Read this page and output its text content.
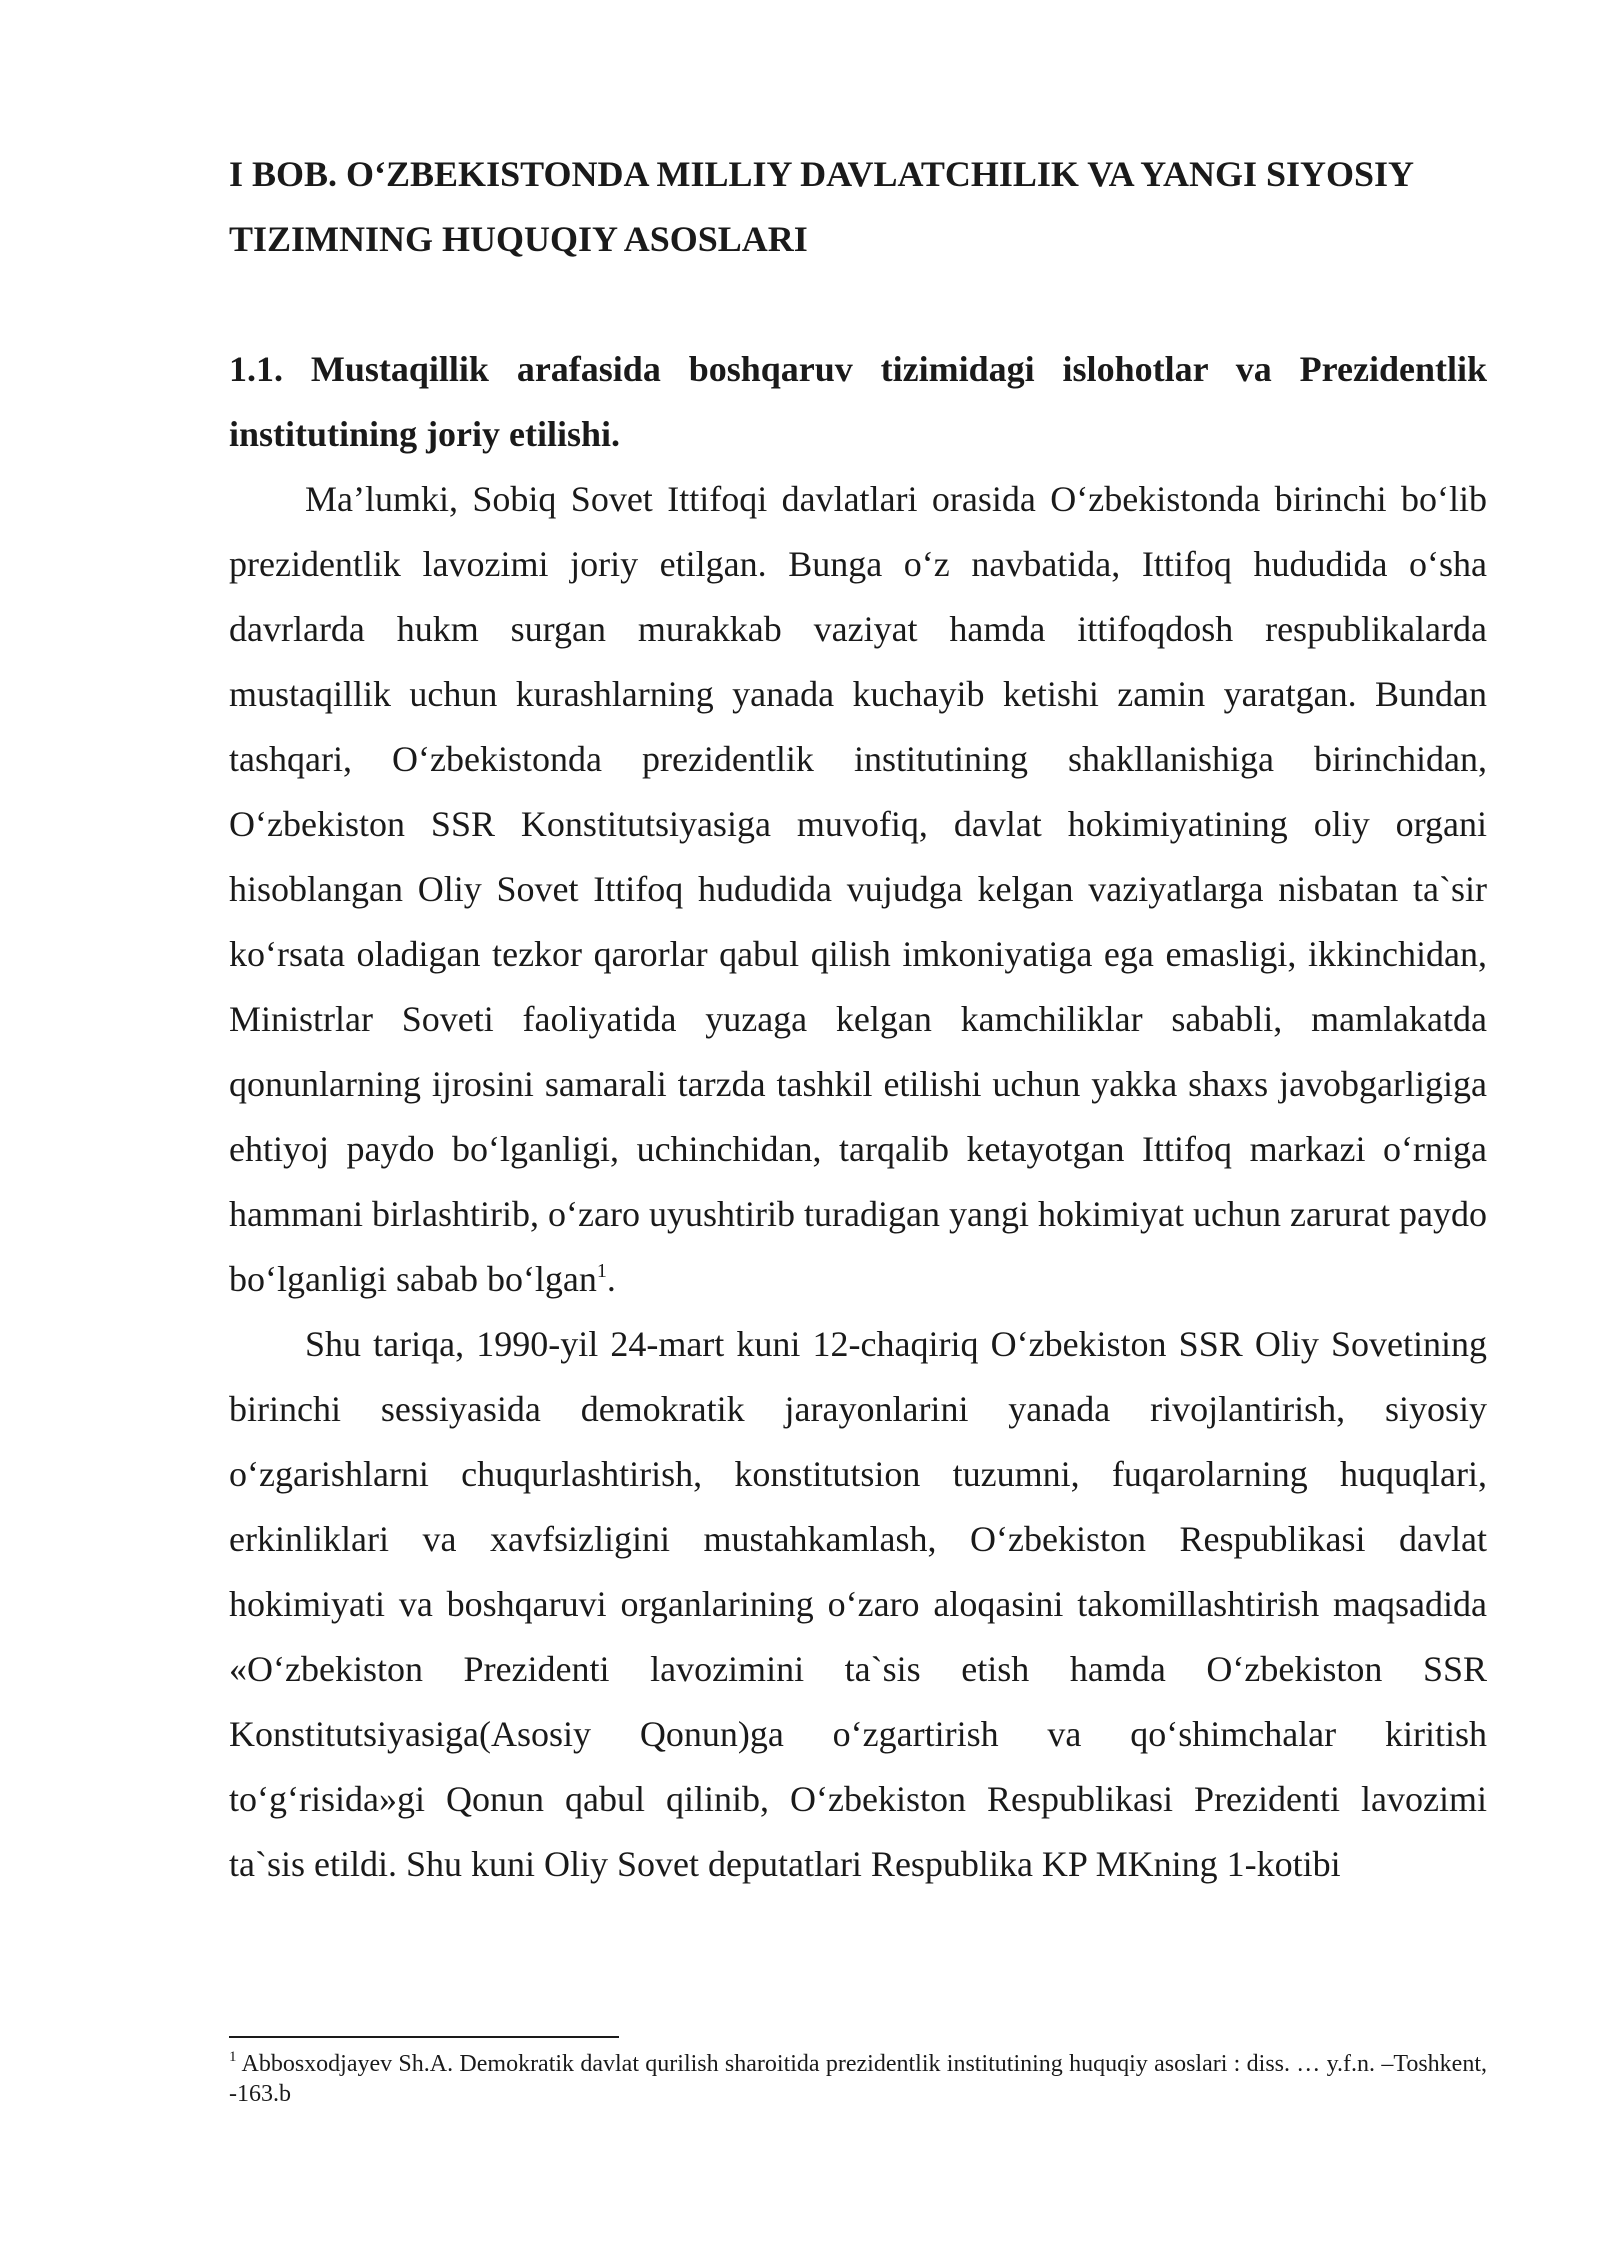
I BOB. O‘ZBEKISTONDA MILLIY DAVLATCHILIK VA YANGI SIYOSIY TIZIMNING HUQUQIY ASOSLARI
1.1. Mustaqillik arafasida boshqaruv tizimidagi islohotlar va Prezidentlik institutining joriy etilishi.

Ma’lumki, Sobiq Sovet Ittifoqi davlatlari orasida O‘zbekistonda birinchi bo‘lib prezidentlik lavozimi joriy etilgan. Bunga o‘z navbatida, Ittifoq hududida o‘sha davrlarda hukm surgan murakkab vaziyat hamda ittifoqdosh respublikalarda mustaqillik uchun kurashlarning yanada kuchayib ketishi zamin yaratgan. Bundan tashqari, O‘zbekistonda prezidentlik institutining shakllanishiga birinchidan, O‘zbekiston SSR Konstitutsiyasiga muvofiq, davlat hokimiyatining oliy organi hisoblangan Oliy Sovet Ittifoq hududida vujudga kelgan vaziyatlarga nisbatan ta`sir ko‘rsata oladigan tezkor qarorlar qabul qilish imkoniyatiga ega emasligi, ikkinchidan, Ministrlar Soveti faoliyatida yuzaga kelgan kamchiliklar sababli, mamlakatda qonunlarning ijrosini samarali tarzda tashkil etilishi uchun yakka shaxs javobgarligiga ehtiyoj paydo bo‘lganligi, uchinchidan, tarqalib ketayotgan Ittifoq markazi o‘rniga hammani birlashtirib, o‘zaro uyushtirib turadigan yangi hokimiyat uchun zarurat paydo bo‘lganligi sabab bo‘lgan$^1$.

Shu tariqa, 1990-yil 24-mart kuni 12-chaqiriq O‘zbekiston SSR Oliy Sovetining birinchi sessiyasida demokratik jarayonlarini yanada rivojlantirish, siyosiy o‘zgarishlarni chuqurlashtirish, konstitutsion tuzumni, fuqarolarning huquqlari, erkinliklari va xavfsizligini mustahkamlash, O‘zbekiston Respublikasi davlat hokimiyati va boshqaruvi organlarining o‘zaro aloqasini takomillashtirish maqsadida «O‘zbekiston Prezidenti lavozimini ta`sis etish hamda O‘zbekiston SSR Konstitutsiyasiga(Asosiy Qonun)ga o‘zgartirish va qo‘shimchalar kiritish to‘g‘risida»gi Qonun qabul qilinib, O‘zbekiston Respublikasi Prezidenti lavozimi ta`sis etildi. Shu kuni Oliy Sovet deputatlari Respublika KP MKning 1-kotibi

$^1$ Abbosxodjayev Sh.A. Demokratik davlat qurilish sharoitida prezidentlik institutining huquqiy asoslari : diss. … y.f.n. –Toshkent, -163.b
